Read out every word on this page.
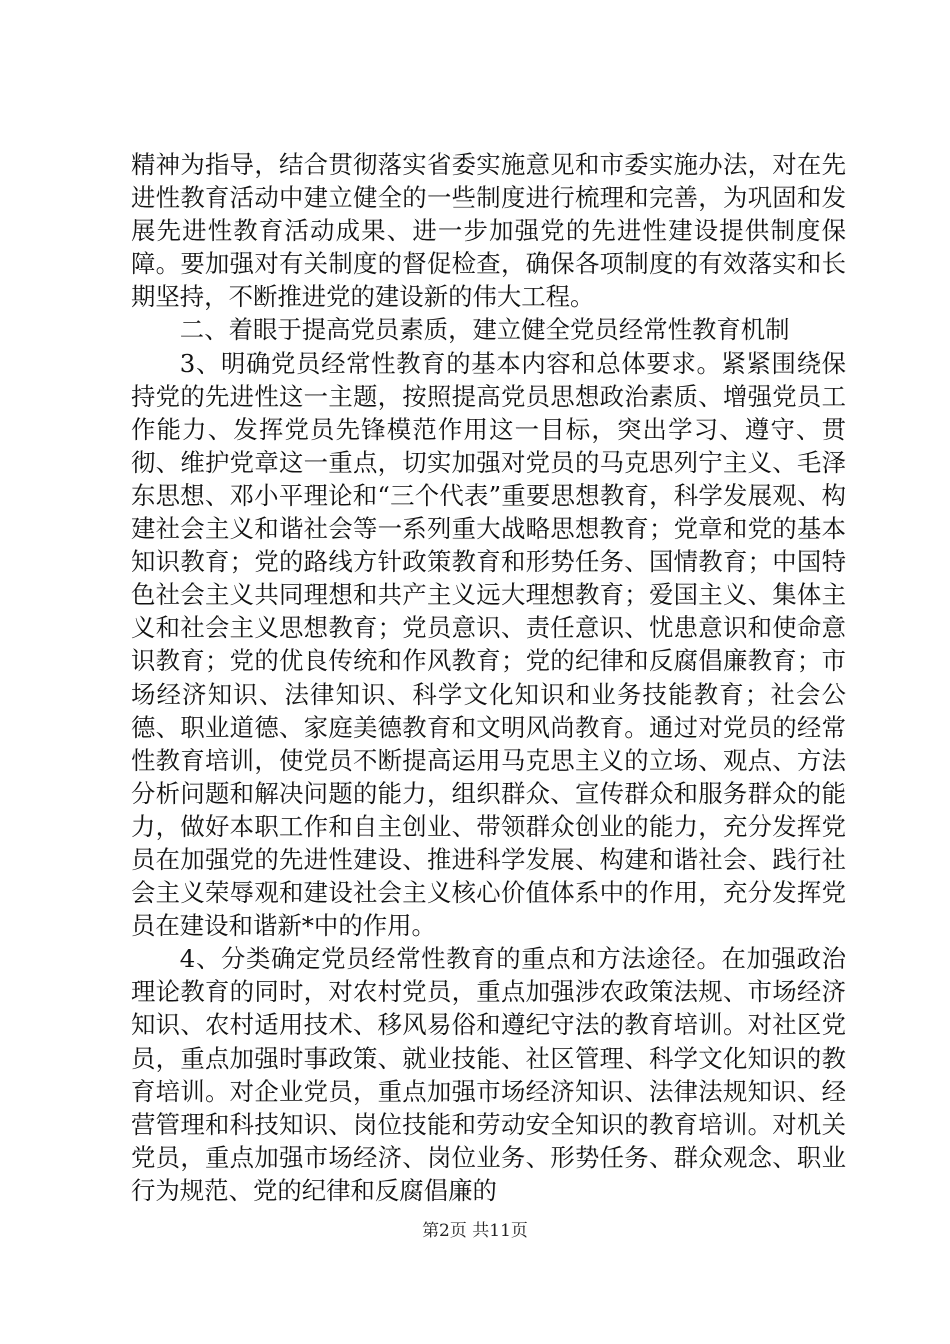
精神为指导，结合贯彻落实省委实施意见和市委实施办法，对在先进性教育活动中建立健全的一些制度进行梳理和完善，为巩固和发展先进性教育活动成果、进一步加强党的先进性建设提供制度保障。要加强对有关制度的督促检查，确保各项制度的有效落实和长期坚持，不断推进党的建设新的伟大工程。

二、着眼于提高党员素质，建立健全党员经常性教育机制

3、明确党员经常性教育的基本内容和总体要求。紧紧围绕保持党的先进性这一主题，按照提高党员思想政治素质、增强党员工作能力、发挥党员先锋模范作用这一目标，突出学习、遵守、贯彻、维护党章这一重点，切实加强对党员的马克思列宁主义、毛泽东思想、邓小平理论和“三个代表”重要思想教育，科学发展观、构建社会主义和谐社会等一系列重大战略思想教育；党章和党的基本知识教育；党的路线方针政策教育和形势任务、国情教育；中国特色社会主义共同理想和共产主义远大理想教育；爱国主义、集体主义和社会主义思想教育；党员意识、责任意识、忧患意识和使命意识教育；党的优良传统和作风教育；党的纪律和反腐倡廉教育；市场经济知识、法律知识、科学文化知识和业务技能教育；社会公德、职业道德、家庭美德教育和文明风尚教育。通过对党员的经常性教育培训，使党员不断提高运用马克思主义的立场、观点、方法分析问题和解决问题的能力，组织群众、宣传群众和服务群众的能力，做好本职工作和自主创业、带领群众创业的能力，充分发挥党员在加强党的先进性建设、推进科学发展、构建和谐社会、践行社会主义荣辱观和建设社会主义核心价值体系中的作用，充分发挥党员在建设和谐新*中的作用。

4、分类确定党员经常性教育的重点和方法途径。在加强政治理论教育的同时，对农村党员，重点加强涉农政策法规、市场经济知识、农村适用技术、移风易俗和遵纪守法的教育培训。对社区党员，重点加强时事政策、就业技能、社区管理、科学文化知识的教育培训。对企业党员，重点加强市场经济知识、法律法规知识、经营管理和科技知识、岗位技能和劳动安全知识的教育培训。对机关党员，重点加强市场经济、岗位业务、形势任务、群众观念、职业行为规范、党的纪律和反腐倡廉的

第2页 共11页
